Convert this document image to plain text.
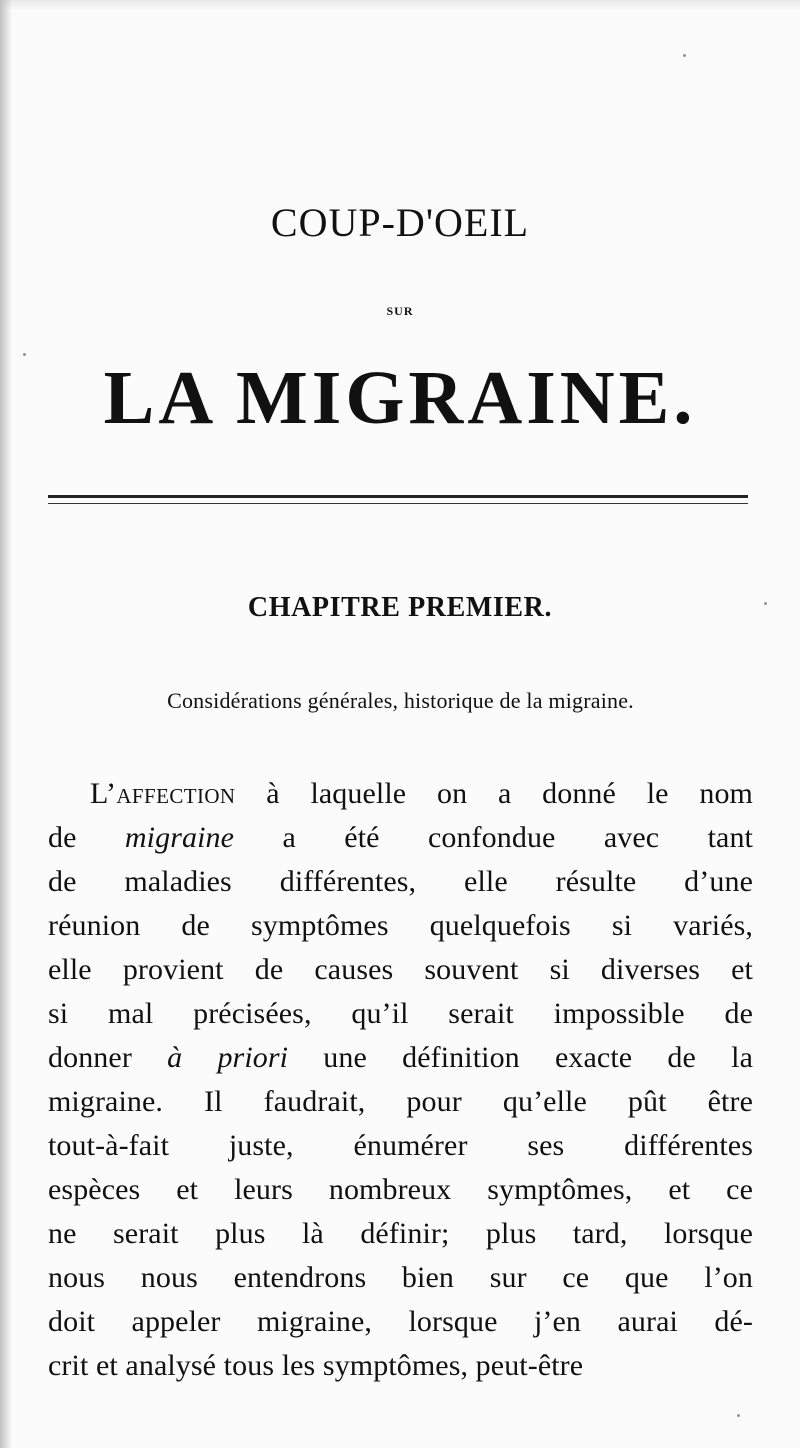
COUP-D'OEIL
SUR
LA MIGRAINE.
CHAPITRE PREMIER.
Considérations générales, historique de la migraine.
L’affection à laquelle on a donné le nom
de migraine a été confondue avec tant
de maladies différentes, elle résulte d’une
réunion de symptômes quelquefois si variés,
elle provient de causes souvent si diverses et
si mal précisées, qu’il serait impossible de
donner à priori une définition exacte de la
migraine. Il faudrait, pour qu’elle pût être
tout-à-fait juste, énumérer ses différentes
espèces et leurs nombreux symptômes, et ce
ne serait plus là définir; plus tard, lorsque
nous nous entendrons bien sur ce que l’on
doit appeler migraine, lorsque j’en aurai dé-
crit et analysé tous les symptômes, peut-être
